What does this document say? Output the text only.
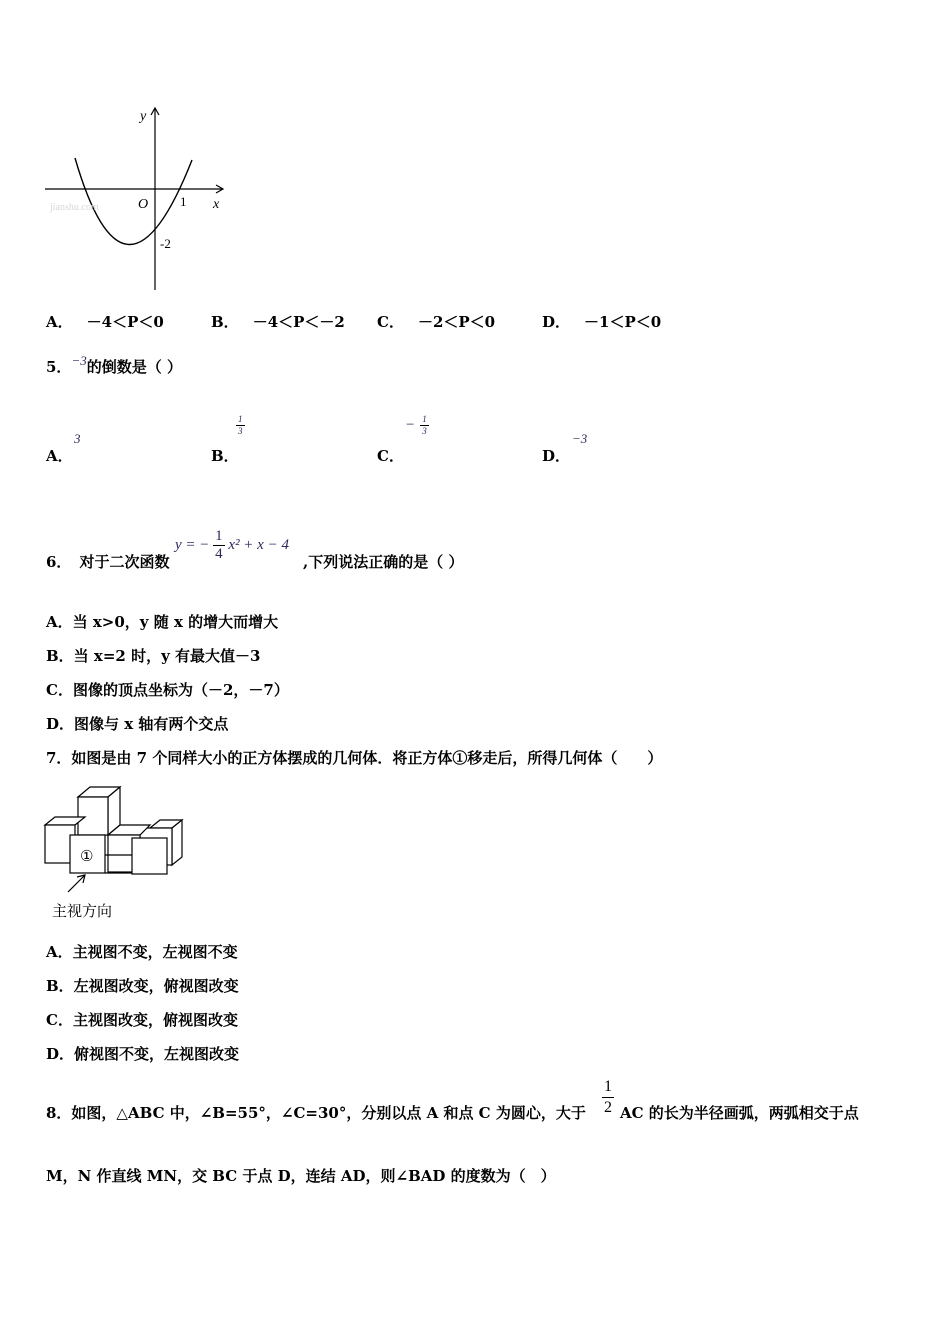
y
x
O 1
-2
jianshu.com
A． －4＜P＜0	B． －4＜P＜－2 C． －2＜P＜0	D． －1＜P＜0
5．−3的倒数是（ ）
A．
3
B．
$\frac{1}{3}$
C．
− $\frac{1}{3}$
D．
−3
6． 对于二次函数
y = − $\frac{1}{4} x^2 + x - 4$
,下列说法正确的是（ ）
A．当 x>0，y 随 x 的增大而增大
B．当 x=2 时，y 有最大值－3
C．图像的顶点坐标为（－2，－7）
D．图像与 x 轴有两个交点
7．如图是由 7 个同样大小的正方体摆成的几何体．将正方体①移走后，所得几何体（　　）
①
主视方向
A．主视图不变，左视图不变
B．左视图改变，俯视图改变
C．主视图改变，俯视图改变
D．俯视图不变，左视图改变
8．如图，△ABC 中，∠B=55°，∠C=30°，分别以点 A 和点 C 为圆心，大于 $\frac{1}{2}$ AC 的长为半径画弧，两弧相交于点
M，N 作直线 MN，交 BC 于点 D，连结 AD，则∠BAD 的度数为（　）
